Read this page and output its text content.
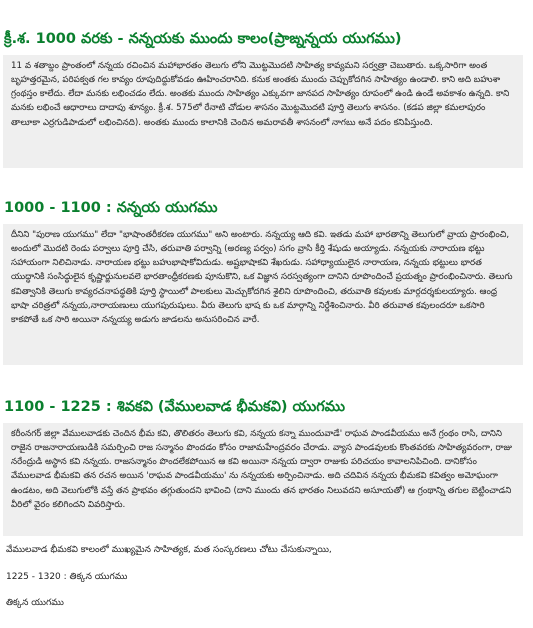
క్రీ.శ. 1000 వరకు - నన్నయకు ముందు కాలం(ప్రాఙ్నన్నయ యుగము)
11 వ శతాబ్దం ప్రాంతంలో నన్నయ రచించిన మహాభారతం తెలుగు లోని మొట్టమొదటి సాహిత్య కావ్యమని సర్వత్రా చెబుతారు. ఒక్కసారిగా అంత బృహత్తరమైన, పరిపక్వత గల కావ్యం రూపుదిద్దుకోవడం ఊహించరానిది. కనుక అంతకు ముందు చెప్పుకోదగిన సాహిత్యం ఉండాలి. కాని అది బహుశా గ్రంథస్తం కాలేదు. లేదా మనకు లభించడం లేదు. అంతకు ముందు సాహిత్యం ఎక్కువగా జానపద సాహిత్యం రూపంలో ఉండి ఉండే అవకాశం ఉన్నది. కాని మనకు లభించే ఆధారాలు దాదాపు శూన్యం. క్రీ.శ. 575లో రేనాటి చోడుల శాసనం మొట్టమొదటి పూర్తి తెలుగు శాసనం. (కడప జిల్లా కమలాపురం తాలూకా ఎర్రగుడిపాడులో లభించినది). అంతకు ముందు కాలానికి చెందిన అమరావతీ శాసనంలో నాగబు అనే పదం కనిపిస్తుంది.
1000 - 1100 : నన్నయ యుగము
దీనిని "పురాణ యుగము" లేదా "భాషాంతరీకరణ యుగము" అని అంటారు. నన్నయ్య ఆది కవి. ఇతడు మహా భారతాన్ని తెలుగులో వ్రాయ ప్రారంభించి, అందులో మొదటి రెండు పర్వాలు పూర్తి చేసి, తరువాతి పర్వాన్ని (అరణ్య పర్వం) సగం వ్రాసి కీర్తి శేషుడు అయ్యాడు. నన్నయకు నారాయణ భట్టు సహాయంగా నిలిచినాడు. నారాయణ భట్టు బహుభాషాకోవిదుడు. అష్టభాషాకవి శేఖరుడు. సహాధ్యాయులైన నారాయణ, నన్నయ భట్టులు భారత యుద్ధానికి సంసిద్ధులైన కృష్ణార్జునులవలె భారతాంధ్రీకరణకు పూనుకొని, ఒక విజ్ఞాన సరస్వత్యంగా దానిని రూపొందించే ప్రయత్నం ప్రారంభించినారు. తెలుగు కవిత్వానికి తెలుగు కావ్యరచనాపద్ధతికి పూర్తి స్థాయిలో పాలకులు మెచ్చుకోదగిన శైలిని రూపొందించి, తరువాతి కవులకు మార్గదర్శకులయ్యారు. ఆంధ్ర భాషా చరిత్రలో నన్నయ,నారాయణులు యుగపురుషులు. వీరు తెలుగు భాష కు ఒక మార్గాన్ని నిర్దేశించినారు. వీరి తరువాత కవులందరూ ఒకసారి కాకపోతే ఒక సారి అయినా నన్నయ్య అడుగు జాడలను అనుసరించిన వారే.
1100 - 1225 : శివకవి (వేములవాడ భీమకవి) యుగము
కరీంనగర్ జిల్లా వేములవాడకు చెందిన భీమ కవి, తొలితరం తెలుగు కవి, నన్నయ కన్నా ముందువాడే' రాఘవ పాండవీయము అనే గ్రంథం రాసి, దానిని రాజైన రాజనారాయణుడికి సమర్పించి రాజ సన్మానం పొందడం కోసం రాజామహేంద్రవరం చేరాడు. వ్యాస పాండవులకు కొంతవరకు సాహిత్యవరంగా, రాజు నరేంద్రుడి అస్థాన కవి నన్నయ. రాజసన్మానం పొందలేకపోయిన ఆ కవి అయినా నన్నయ ద్వారా రాజుకు పరిచయం కావాలనిపిచింది. దానికోసం వేములవాడ భీమకవి తన రచన అయిన 'రాఘవ పాండవీయము' ను నన్నయకు అర్పించినాడు. అది చదివిన నన్నయ భీమకవి కవిత్వం అమోఘంగా ఉండటం, అది వెలుగులోకి వస్తే తన ప్రాభవం తగ్గుతుందని భావించి (దాని ముందు తన భారతం నిలువదని అసూయతో) ఆ గ్రంథాన్ని తగుల బెట్టించాడని వీరిలో వైరం కలిగిందని వివరిస్తారు.

వేములవాడ భీమకవి కాలంలో ముఖ్యమైన సాహిత్యక, మత సంస్కరణలు చోటు చేసుకున్నాయి,

1225 - 1320 : తిక్కన యుగము

తిక్కన యుగము
